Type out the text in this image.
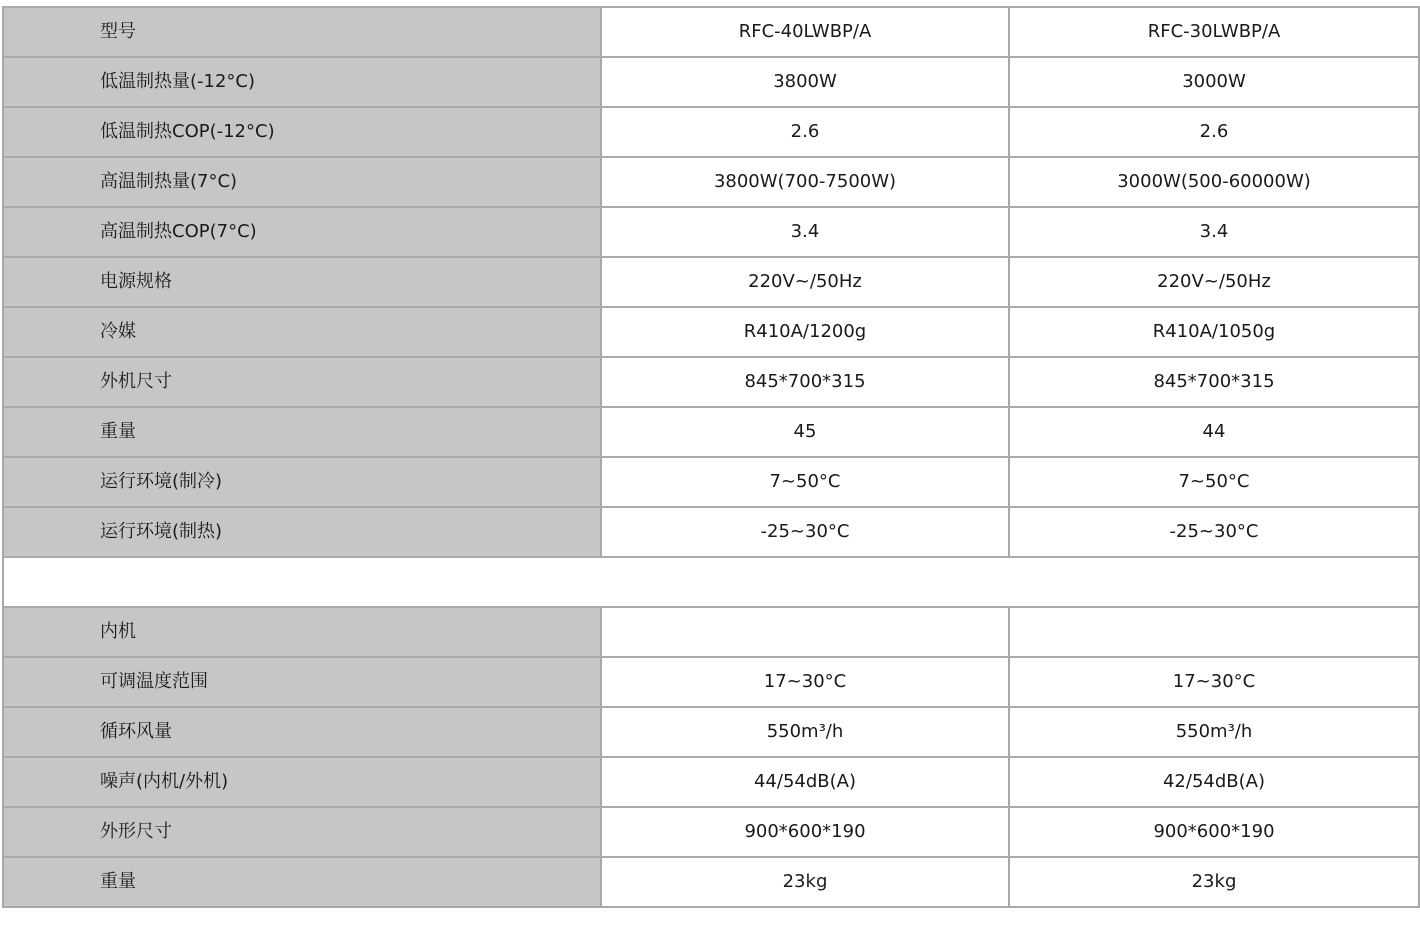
型号	RFC-40LWBP/A	RFC-30LWBP/A
低温制热量(-12°C)	3800W	3000W
低温制热COP(-12°C)	2.6	2.6
高温制热量(7°C)	3800W(700-7500W)	3000W(500-60000W)
高温制热COP(7°C)	3.4	3.4
电源规格	220V~/50Hz	220V~/50Hz
冷媒	R410A/1200g	R410A/1050g
外机尺寸	845*700*315	845*700*315
重量	45	44
运行环境(制冷)	7~50°C	7~50°C
运行环境(制热)	-25~30°C	-25~30°C

内机		
可调温度范围	17~30°C	17~30°C
循环风量	550m³/h	550m³/h
噪声(内机/外机)	44/54dB(A)	42/54dB(A)
外形尺寸	900*600*190	900*600*190
重量	23kg	23kg
